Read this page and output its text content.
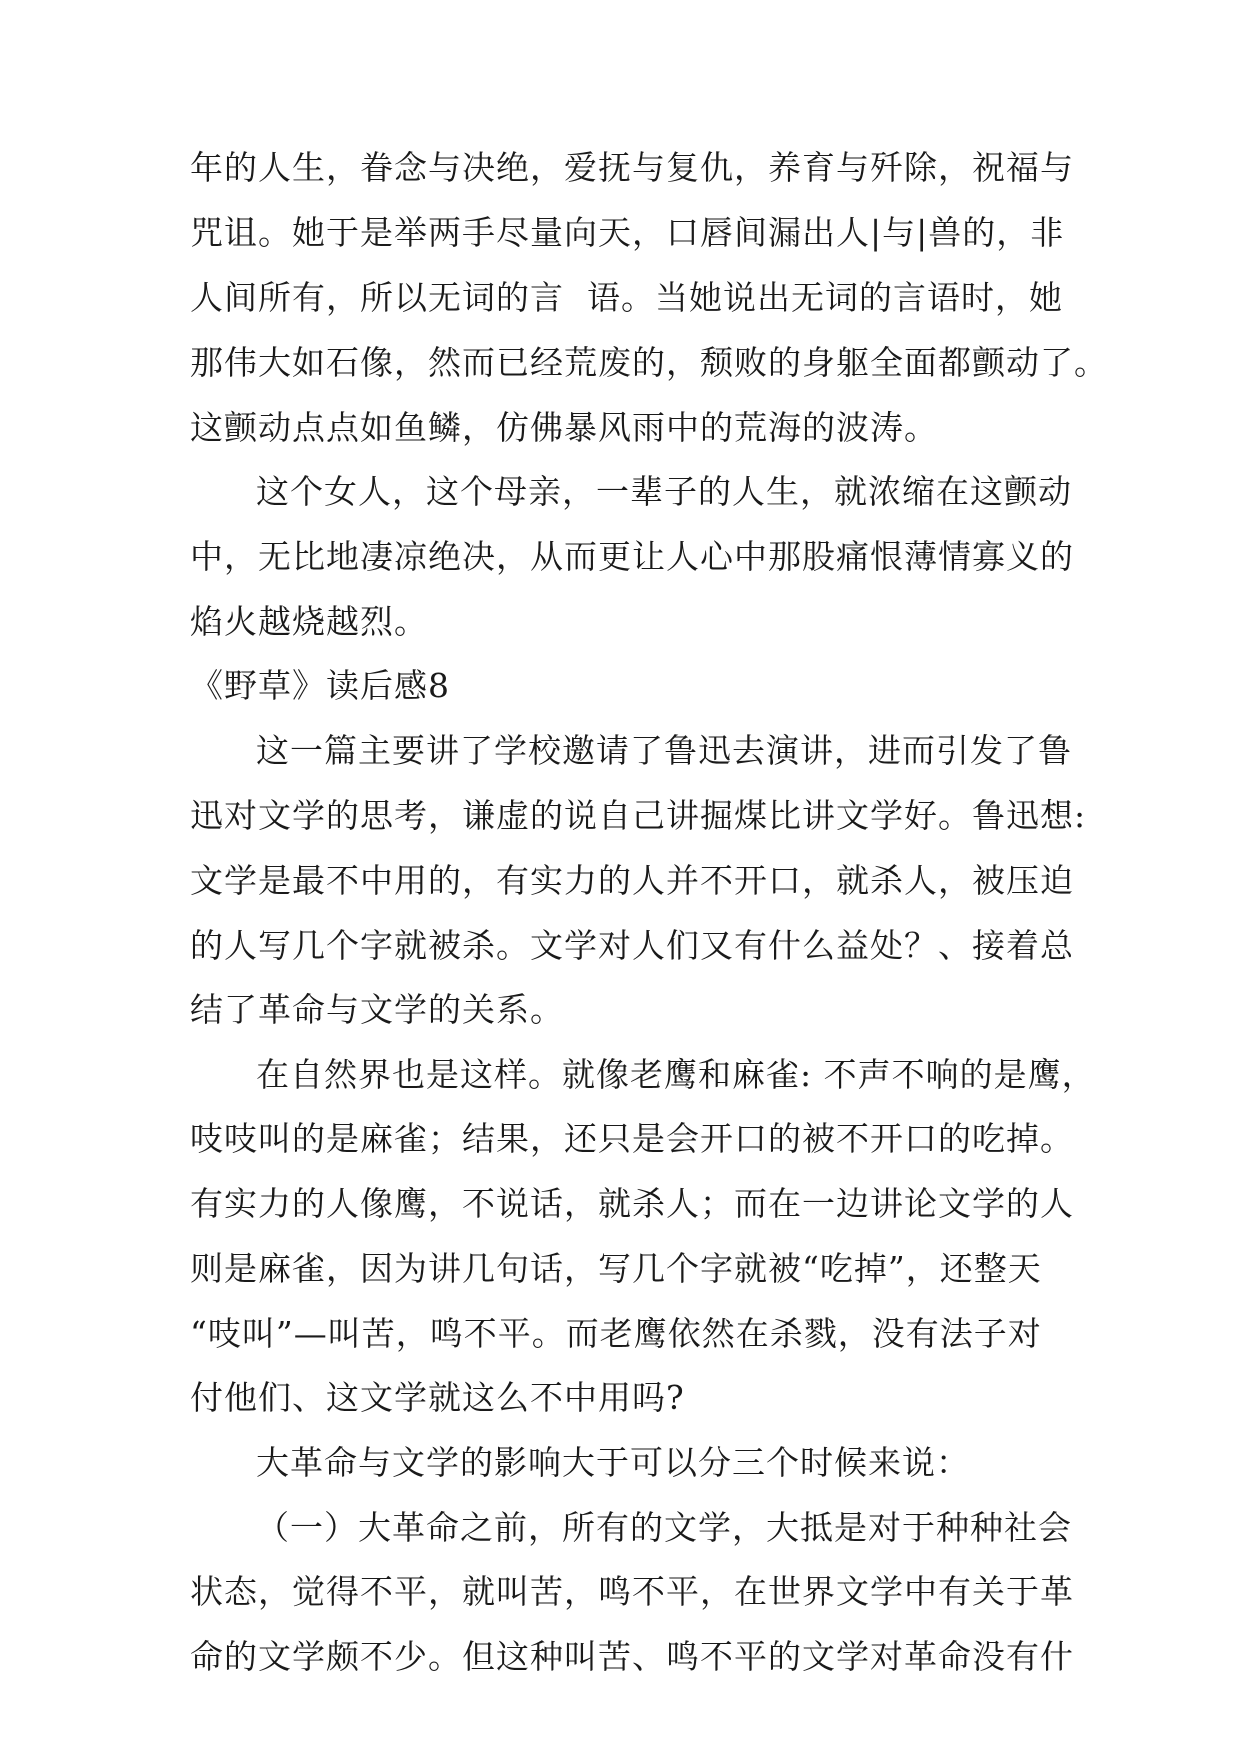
年的人生，眷念与决绝，爱抚与复仇，养育与歼除，祝福与
咒诅。她于是举两手尽量向天，口唇间漏出人|与|兽的，非
人间所有，所以无词的言  语。当她说出无词的言语时，她
那伟大如石像，然而已经荒废的，颓败的身躯全面都颤动了。
这颤动点点如鱼鳞，仿佛暴风雨中的荒海的波涛。
这个女人，这个母亲，一辈子的人生，就浓缩在这颤动
中，无比地凄凉绝决，从而更让人心中那股痛恨薄情寡义的
焰火越烧越烈。
《野草》读后感8
这一篇主要讲了学校邀请了鲁迅去演讲，进而引发了鲁
迅对文学的思考，谦虚的说自己讲掘煤比讲文学好。鲁迅想:
文学是最不中用的，有实力的人并不开口，就杀人，被压迫
的人写几个字就被杀。文学对人们又有什么益处？、接着总
结了革命与文学的关系。
在自然界也是这样。就像老鹰和麻雀: 不声不响的是鹰，
吱吱叫的是麻雀；结果，还只是会开口的被不开口的吃掉。
有实力的人像鹰，不说话，就杀人；而在一边讲论文学的人
则是麻雀，因为讲几句话，写几个字就被“吃掉”，还整天
“吱叫”—叫苦，鸣不平。而老鹰依然在杀戮，没有法子对
付他们、这文学就这么不中用吗?
大革命与文学的影响大于可以分三个时候来说：
（一）大革命之前，所有的文学，大抵是对于种种社会
状态，觉得不平，就叫苦，鸣不平，在世界文学中有关于革
命的文学颇不少。但这种叫苦、鸣不平的文学对革命没有什
